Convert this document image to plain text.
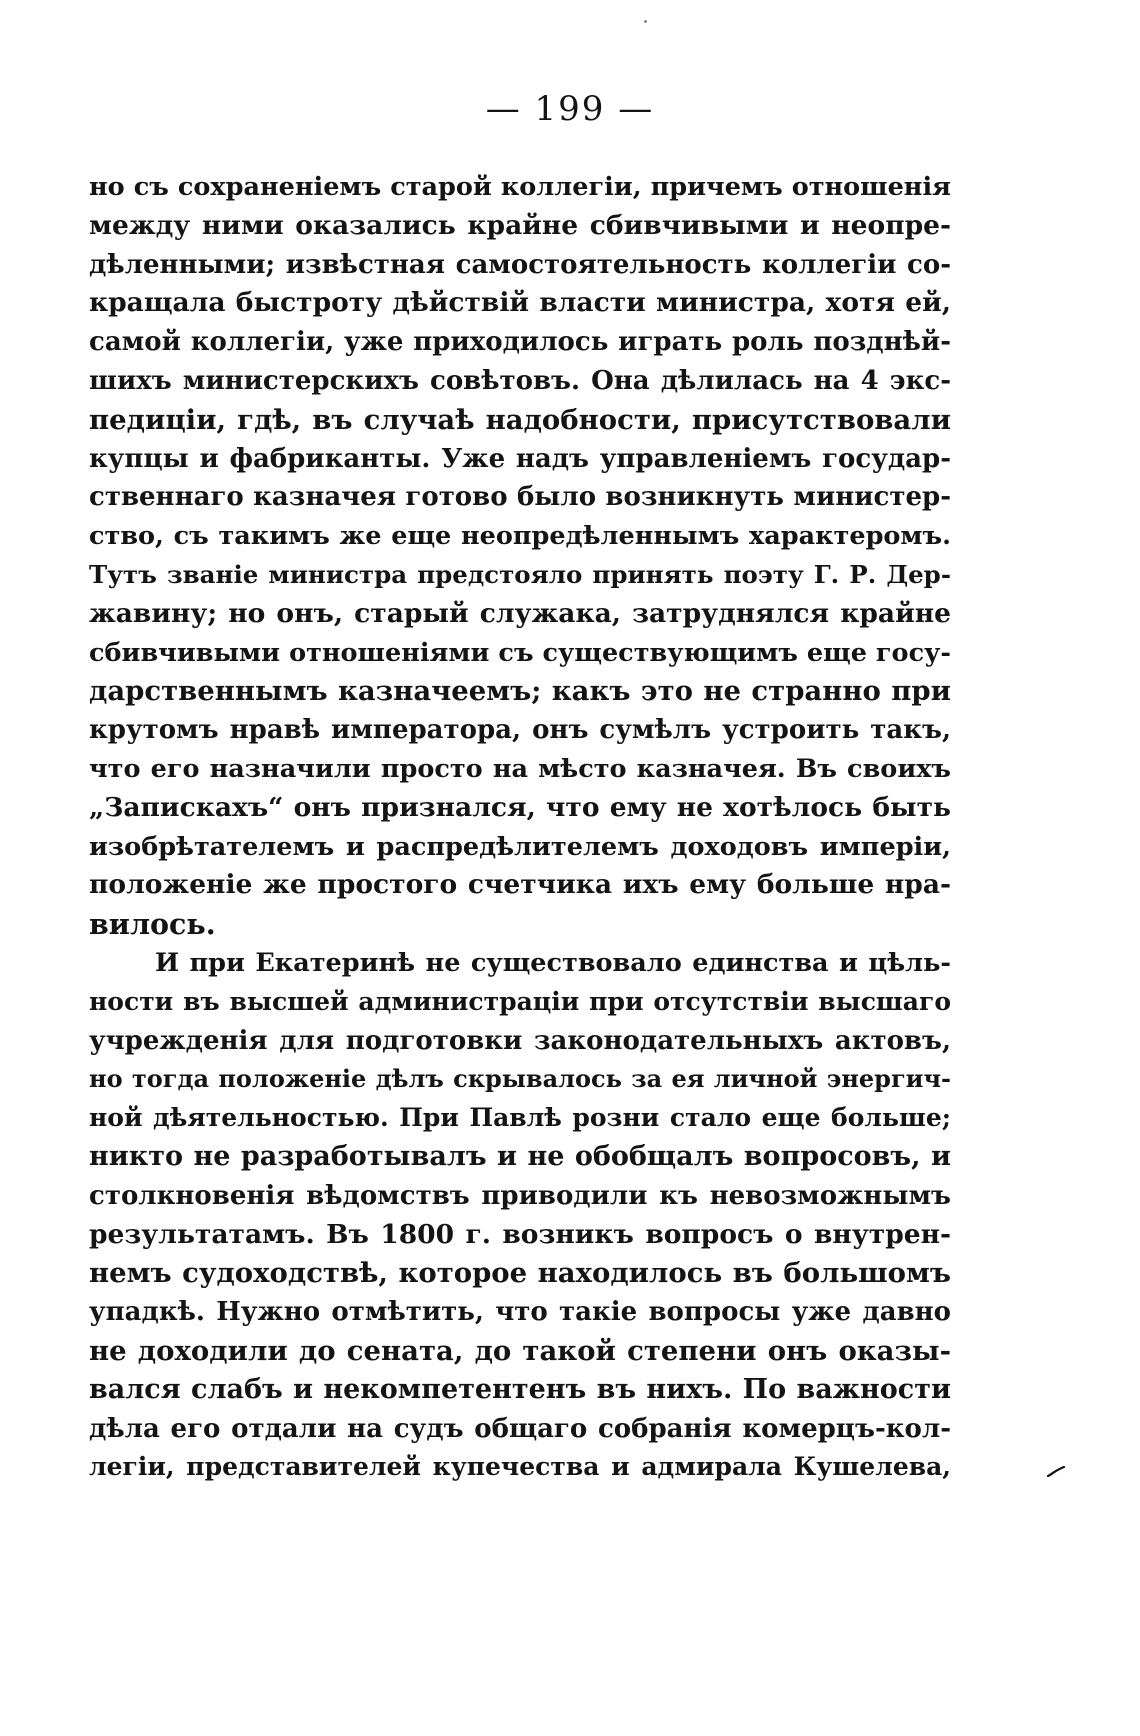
— 199 —
но съ сохраненіемъ старой коллегіи, причемъ отношенія
между ними оказались крайне сбивчивыми и неопре-
дѣленными; извѣстная самостоятельность коллегіи со-
кращала быстроту дѣйствій власти министра, хотя ей,
самой коллегіи, уже приходилось играть роль позднѣй-
шихъ министерскихъ совѣтовъ. Она дѣлилась на 4 экс-
педиціи, гдѣ, въ случаѣ надобности, присутствовали
купцы и фабриканты. Уже надъ управленіемъ государ-
ственнаго казначея готово было возникнуть министер-
ство, съ такимъ же еще неопредѣленнымъ характеромъ.
Тутъ званіе министра предстояло принять поэту Г. Р. Дер-
жавину; но онъ, старый служака, затруднялся крайне
сбивчивыми отношеніями съ существующимъ еще госу-
дарственнымъ казначеемъ; какъ это не странно при
крутомъ нравѣ императора, онъ сумѣлъ устроить такъ,
что его назначили просто на мѣсто казначея. Въ своихъ
„Запискахъ“ онъ признался, что ему не хотѣлось быть
изобрѣтателемъ и распредѣлителемъ доходовъ имперіи,
положеніе же простого счетчика ихъ ему больше нра-
вилось.
И при Екатеринѣ не существовало единства и цѣль-
ности въ высшей администраціи при отсутствіи высшаго
учрежденія для подготовки законодательныхъ актовъ,
но тогда положеніе дѣлъ скрывалось за ея личной энергич-
ной дѣятельностью. При Павлѣ розни стало еще больше;
никто не разработывалъ и не обобщалъ вопросовъ, и
столкновенія вѣдомствъ приводили къ невозможнымъ
результатамъ. Въ 1800 г. возникъ вопросъ о внутрен-
немъ судоходствѣ, которое находилось въ большомъ
упадкѣ. Нужно отмѣтить, что такіе вопросы уже давно
не доходили до сената, до такой степени онъ оказы-
вался слабъ и некомпетентенъ въ нихъ. По важности
дѣла его отдали на судъ общаго собранія комерцъ-кол-
легіи, представителей купечества и адмирала Кушелева,
